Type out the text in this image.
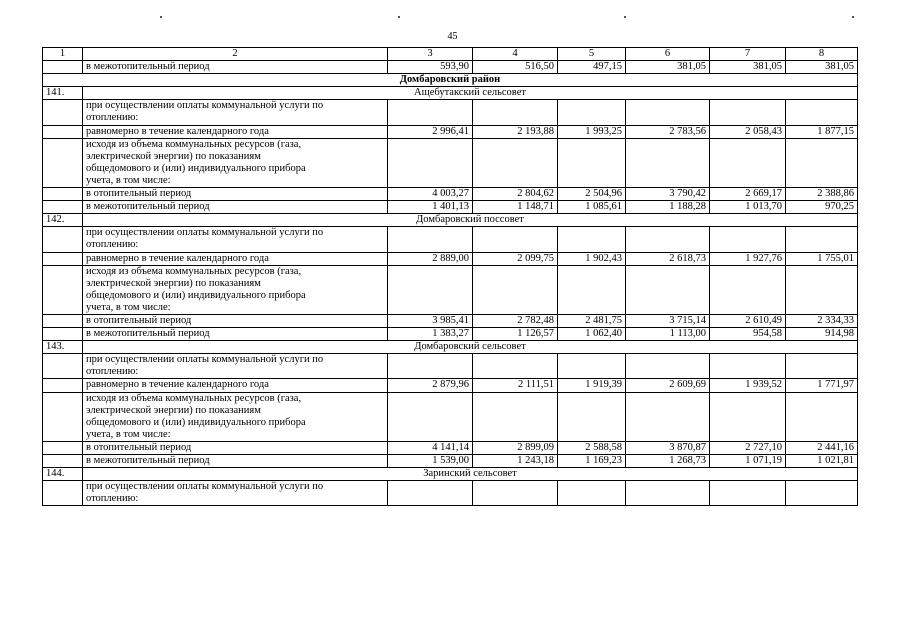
45
1	2	3	4	5	6	7	8
	в межотопительный период	593,90	516,50	497,15	381,05	381,05	381,05
Домбаровский район							
141.	Ащебутакский сельсовет						

	при осуществлении оплаты коммунальной услуги по
отоплению:						

	равномерно в течение календарного года	2 996,41	2 193,88	1 993,25	2 783,56	2 058,43	1 877,15

	исходя из объема коммунальных ресурсов (газа,
электрической энергии) по показаниям
общедомового и (или) индивидуального прибора
учета, в том числе:						

	в отопительный период	4 003,27	2 804,62	2 504,96	3 790,42	2 669,17	2 388,86
	в межотопительный период	1 401,13	1 148,71	1 085,61	1 188,28	1 013,70	970,25
142.	Домбаровский поссовет						

	при осуществлении оплаты коммунальной услуги по
отоплению:						

	равномерно в течение календарного года	2 889,00	2 099,75	1 902,43	2 618,73	1 927,76	1 755,01

	исходя из объема коммунальных ресурсов (газа,
электрической энергии) по показаниям
общедомового и (или) индивидуального прибора
учета, в том числе:						

	в отопительный период	3 985,41	2 782,48	2 481,75	3 715,14	2 610,49	2 334,33
	в межотопительный период	1 383,27	1 126,57	1 062,40	1 113,00	954,58	914,98
143.	Домбаровский сельсовет						

	при осуществлении оплаты коммунальной услуги по
отоплению:						

	равномерно в течение календарного года	2 879,96	2 111,51	1 919,39	2 609,69	1 939,52	1 771,97

	исходя из объема коммунальных ресурсов (газа,
электрической энергии) по показаниям
общедомового и (или) индивидуального прибора
учета, в том числе:						

	в отопительный период	4 141,14	2 899,09	2 588,58	3 870,87	2 727,10	2 441,16
	в межотопительный период	1 539,00	1 243,18	1 169,23	1 268,73	1 071,19	1 021,81
144.	Заринский сельсовет						

	при осуществлении оплаты коммунальной услуги по
отоплению:						
